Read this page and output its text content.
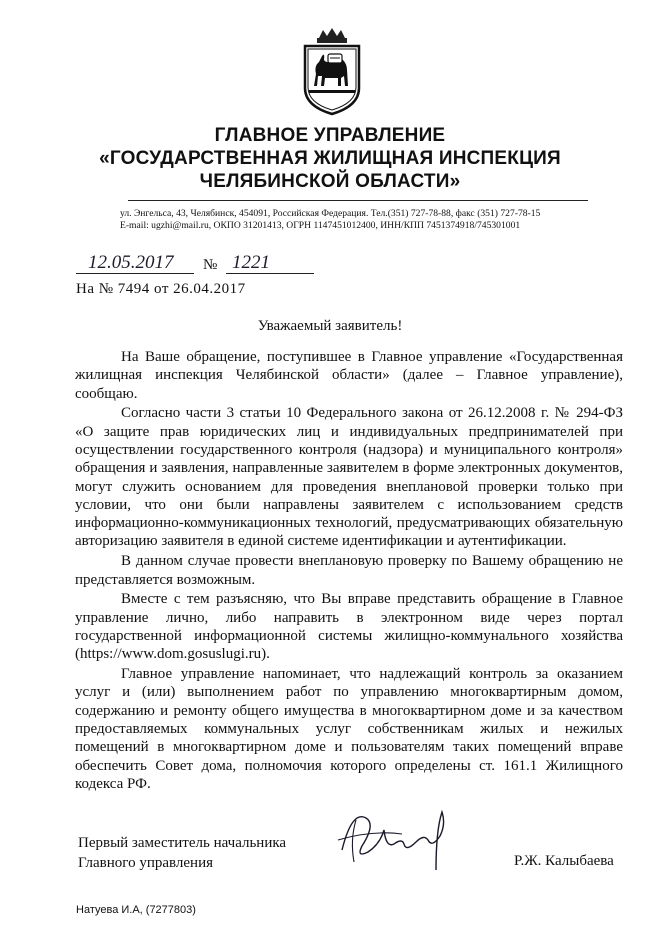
ГЛАВНОЕ УПРАВЛЕНИЕ
«ГОСУДАРСТВЕННАЯ ЖИЛИЩНАЯ ИНСПЕКЦИЯ
ЧЕЛЯБИНСКОЙ ОБЛАСТИ»
ул. Энгельса, 43, Челябинск, 454091, Российская Федерация. Тел.(351) 727-78-88, факс (351) 727-78-15
E-mail: ugzhi@mail.ru, ОКПО 31201413, ОГРН 1147451012400, ИНН/КПП 7451374918/745301001
12.05.2017 № 1221
На № 7494 от 26.04.2017
Уважаемый заявитель!

На Ваше обращение, поступившее в Главное управление «Государственная жилищная инспекция Челябинской области» (далее – Главное управление), сообщаю.

Согласно части 3 статьи 10 Федерального закона от 26.12.2008 г. № 294-ФЗ «О защите прав юридических лиц и индивидуальных предпринимателей при осуществлении государственного контроля (надзора) и муниципального контроля» обращения и заявления, направленные заявителем в форме электронных документов, могут служить основанием для проведения внеплановой проверки только при условии, что они были направлены заявителем с использованием средств информационно-коммуникационных технологий, предусматривающих обязательную авторизацию заявителя в единой системе идентификации и аутентификации.

В данном случае провести внеплановую проверку по Вашему обращению не представляется возможным.

Вместе с тем разъясняю, что Вы вправе представить обращение в Главное управление лично, либо направить в электронном виде через портал государственной информационной системы жилищно-коммунального хозяйства (https://www.dom.gosuslugi.ru).

Главное управление напоминает, что надлежащий контроль за оказанием услуг и (или) выполнением работ по управлению многоквартирным домом, содержанию и ремонту общего имущества в многоквартирном доме и за качеством предоставляемых коммунальных услуг собственникам жилых и нежилых помещений в многоквартирном доме и пользователям таких помещений вправе обеспечить Совет дома, полномочия которого определены ст. 161.1 Жилищного кодекса РФ.

Первый заместитель начальника
Главного управления	Р.Ж. Калыбаева
Натуева И.А, (7277803)
